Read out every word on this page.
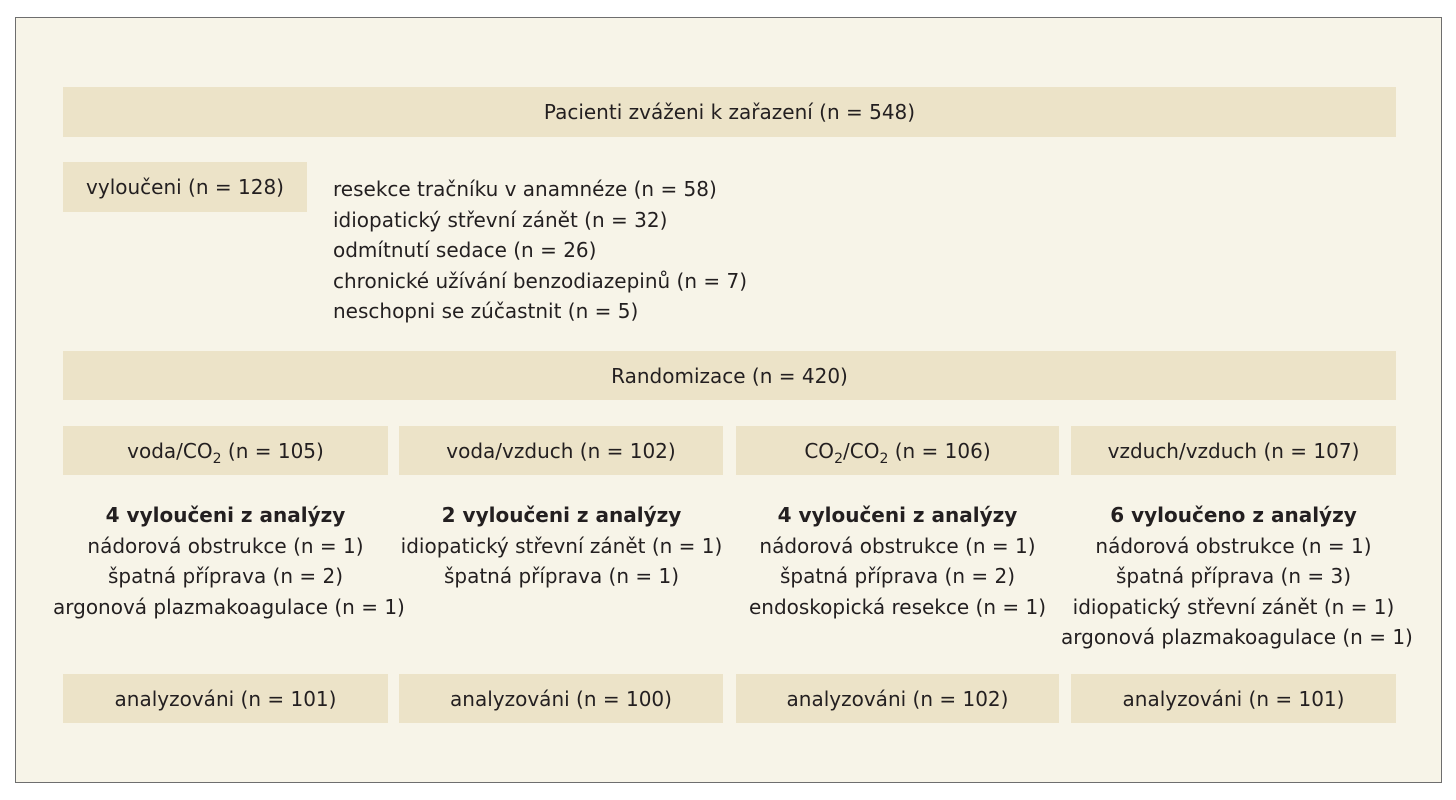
Pacienti zváženi k zařazení (n = 548)
vyloučeni (n = 128) resekce tračníku v anamnéze (n = 58)
idiopatický střevní zánět (n = 32)
odmítnutí sedace (n = 26)
chronické užívání benzodiazepinů (n = 7)
neschopni se zúčastnit (n = 5)
Randomizace (n = 420)
voda/$CO_2$ (n = 105)	voda/vzduch (n = 102)	$CO_2/CO_2$ (n = 106)	vzduch/vzduch (n = 107)
4 vyloučeni z analýzy
nádorová obstrukce (n = 1)
špatná příprava (n = 2)
argonová plazmakoagulace (n = 1)
2 vyloučeni z analýzy
idiopatický střevní zánět (n = 1)
špatná příprava (n = 1)
4 vyloučeni z analýzy
nádorová obstrukce (n = 1)
špatná příprava (n = 2)
endoskopická resekce (n = 1)
6 vyloučeno z analýzy
nádorová obstrukce (n = 1)
špatná příprava (n = 3)
idiopatický střevní zánět (n = 1)
argonová plazmakoagulace (n = 1)
analyzováni (n = 101)	analyzováni (n = 100)	analyzováni (n = 102)	analyzováni (n = 101)
